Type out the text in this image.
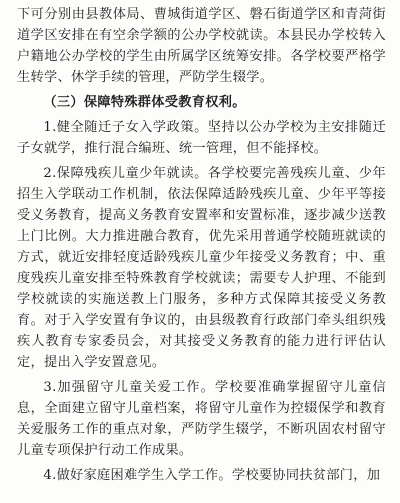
下可分别由县教体局、曹城街道学区、磐石街道学区和青菏街道学区安排在有空余学额的公办学校就读。本县民办学校转入户籍地公办学校的学生由所属学区统筹安排。各学校要严格学生转学、休学手续的管理，严防学生辍学。

（三）保障特殊群体受教育权利。

1.健全随迁子女入学政策。坚持以公办学校为主安排随迁子女就学，推行混合编班、统一管理，但不能择校。

2.保障残疾儿童少年就读。各学校要完善残疾儿童、少年招生入学联动工作机制，依法保障适龄残疾儿童、少年平等接受义务教育，提高义务教育安置率和安置标准，逐步减少送教上门比例。大力推进融合教育，优先采用普通学校随班就读的方式，就近安排轻度适龄残疾儿童少年接受义务教育；中、重度残疾儿童安排至特殊教育学校就读；需要专人护理、不能到学校就读的实施送教上门服务，多种方式保障其接受义务教育。对于入学安置有争议的，由县级教育行政部门牵头组织残疾人教育专家委员会，对其接受义务教育的能力进行评估认定，提出入学安置意见。

3.加强留守儿童关爱工作。学校要准确掌握留守儿童信息，全面建立留守儿童档案，将留守儿童作为控辍保学和教育关爱服务工作的重点对象，严防学生辍学，不断巩固农村留守儿童专项保护行动工作成果。

4.做好家庭困难学生入学工作。学校要协同扶贫部门，加
